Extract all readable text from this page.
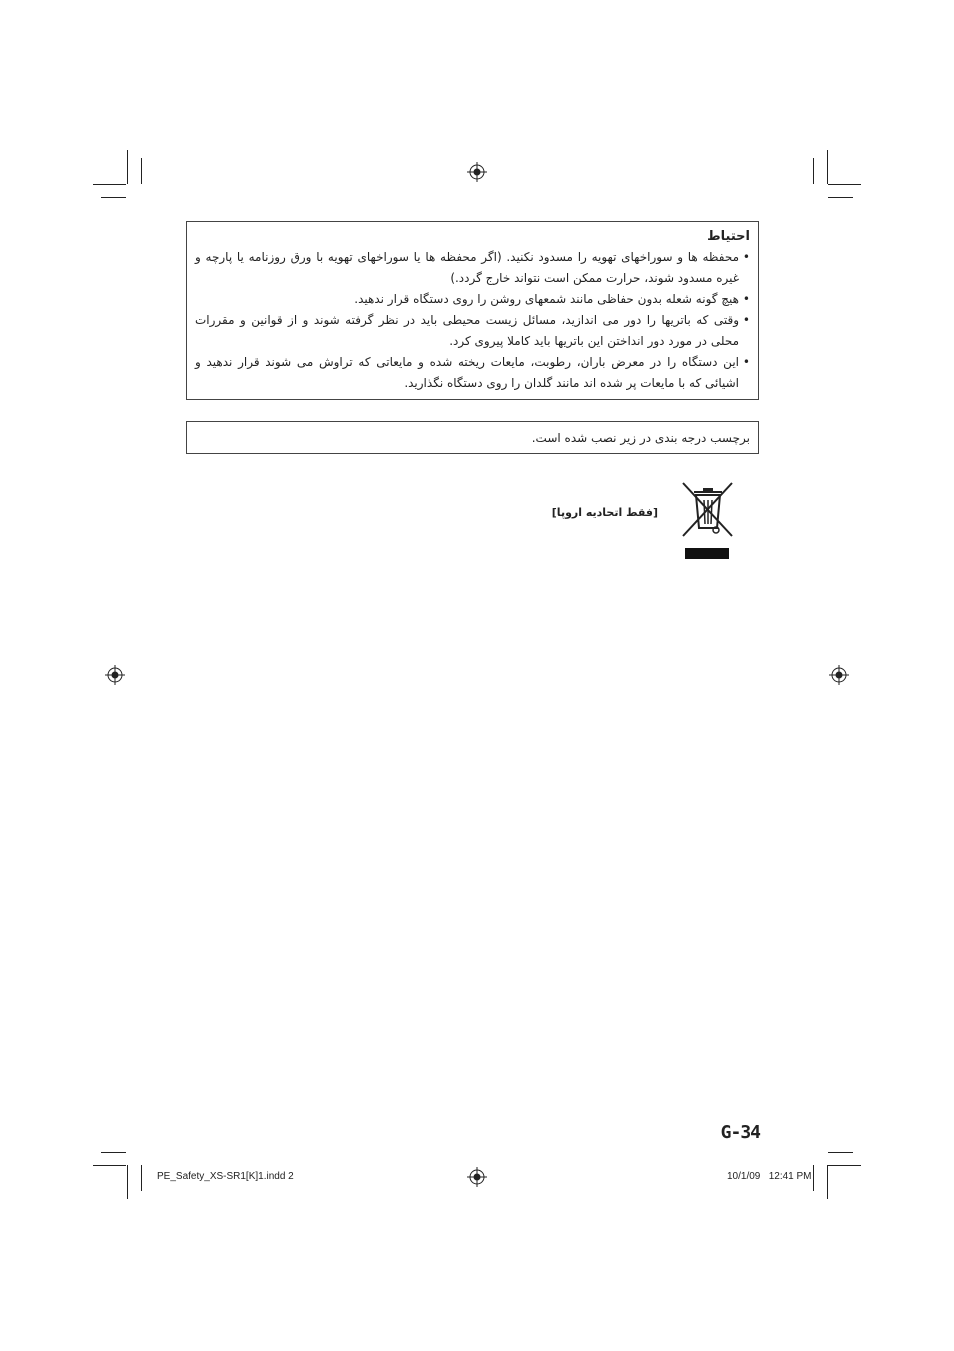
احتیاط
•
محفظه ها و سوراخهای تهویه را مسدود نکنید. (اگر محفظه ها یا سوراخهای تهویه با ورق روزنامه یا پارچه و غیره مسدود شوند، حرارت ممکن است نتواند خارج گردد.)
•
هیچ گونه شعله بدون حفاظی مانند شمعهای روشن را روی دستگاه قرار ندهید.
•
وقتی که باتریها را دور می اندازید، مسائل زیست محیطی باید در نظر گرفته شوند و از قوانین و مقررات محلی در مورد دور انداختن این باتریها باید کاملا پیروی کرد.
•
این دستگاه را در معرض باران، رطوبت، مایعات ریخته شده و مایعاتی که تراوش می شوند قرار ندهید و اشیائی که با مایعات پر شده اند مانند گلدان را روی دستگاه نگذارید.
برچسب درجه بندی در زیر نصب شده است.
[فقط اتحادیه اروپا]
G-34
PE_Safety_XS-SR1[K]1.indd 2	10/1/09   12:41 PM
